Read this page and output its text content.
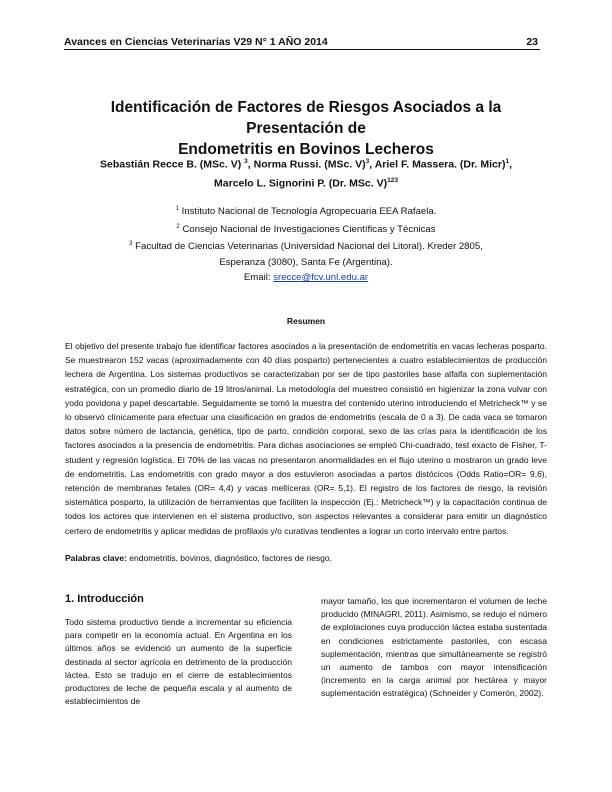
Avances en Ciencias Veterinarias V29 N° 1 AÑO 2014	23
Identificación de Factores de Riesgos Asociados a la Presentación de
Endometritis en Bovinos Lecheros
Sebastián Recce B. (MSc. V) $^3$, Norma Russi. (MSc. V)$^3$, Ariel F. Massera. (Dr. Micr)$^1$,
Marcelo L. Signorini P. (Dr. MSc. V)$^{123}$
$^1$ Instituto Nacional de Tecnología Agropecuaria EEA Rafaela.
$^2$ Consejo Nacional de Investigaciones Científicas y Técnicas
$^3$ Facultad de Ciencias Veterinarias (Universidad Nacional del Litoral). Kreder 2805,
Esperanza (3080), Santa Fe (Argentina).
Email: srecce@fcv.unl.edu.ar
Resumen

El objetivo del presente trabajo fue identificar factores asociados a la presentación de endometritis en vacas lecheras posparto. Se muestrearon 152 vacas (aproximadamente con 40 días posparto) pertenecientes a cuatro establecimientos de producción lechera de Argentina. Los sistemas productivos se caracterizaban por ser de tipo pastoriles base alfalfa con suplementación estratégica, con un promedio diario de 19 litros/animal. La metodología del muestreo consistió en higienizar la zona vulvar con yodo povidona y papel descartable. Seguidamente se tomó la muestra del contenido uterino introduciendo el Metricheck™ y se lo observó clínicamente para efectuar una clasificación en grados de endometritis (escala de 0 a 3). De cada vaca se tomaron datos sobre número de lactancia, genética, tipo de parto, condición corporal, sexo de las crías para la identificación de los factores asociados a la presencia de endometritis. Para dichas asociaciones se empleó Chi-cuadrado, test exacto de Fisher, T-student y regresión logística. El 70% de las vacas no presentaron anormalidades en el flujo uterino o mostraron un grado leve de endometritis. Las endometritis con grado mayor a dos estuvieron asociadas a partos distócicos (Odds Ratio=OR= 9,6), retención de membranas fetales (OR= 4,4) y vacas mellíceras (OR= 5,1). El registro de los factores de riesgo, la revisión sistemática posparto, la utilización de herramientas que faciliten la inspección (Ej.: Metricheck™) y la capacitación continua de todos los actores que intervienen en el sistema productivo, son aspectos relevantes a considerar para emitir un diagnóstico certero de endometritis y aplicar medidas de profilaxis y/o curativas tendientes a lograr un corto intervalo entre partos.

Palabras clave: endometritis, bovinos, diagnóstico, factores de riesgo.
1. Introducción

Todo sistema productivo tiende a incrementar su eficiencia para competir en la economía actual. En Argentina en los últimos años se evidenció un aumento de la superficie destinada al sector agrícola en detrimento de la producción láctea. Esto se tradujo en el cierre de establecimientos productores de leche de pequeña escala y al aumento de establecimientos de

mayor tamaño, los que incrementaron el volumen de leche producido (MINAGRI, 2011). Asimismo, se redujo el número de explotaciones cuya producción láctea estaba sustentada en condiciones estrictamente pastoriles, con escasa suplementación, mientras que simultáneamente se registró un aumento de tambos con mayor intensificación (incremento en la carga animal por hectárea y mayor suplementación estratégica) (Schneider y Comerón, 2002).
